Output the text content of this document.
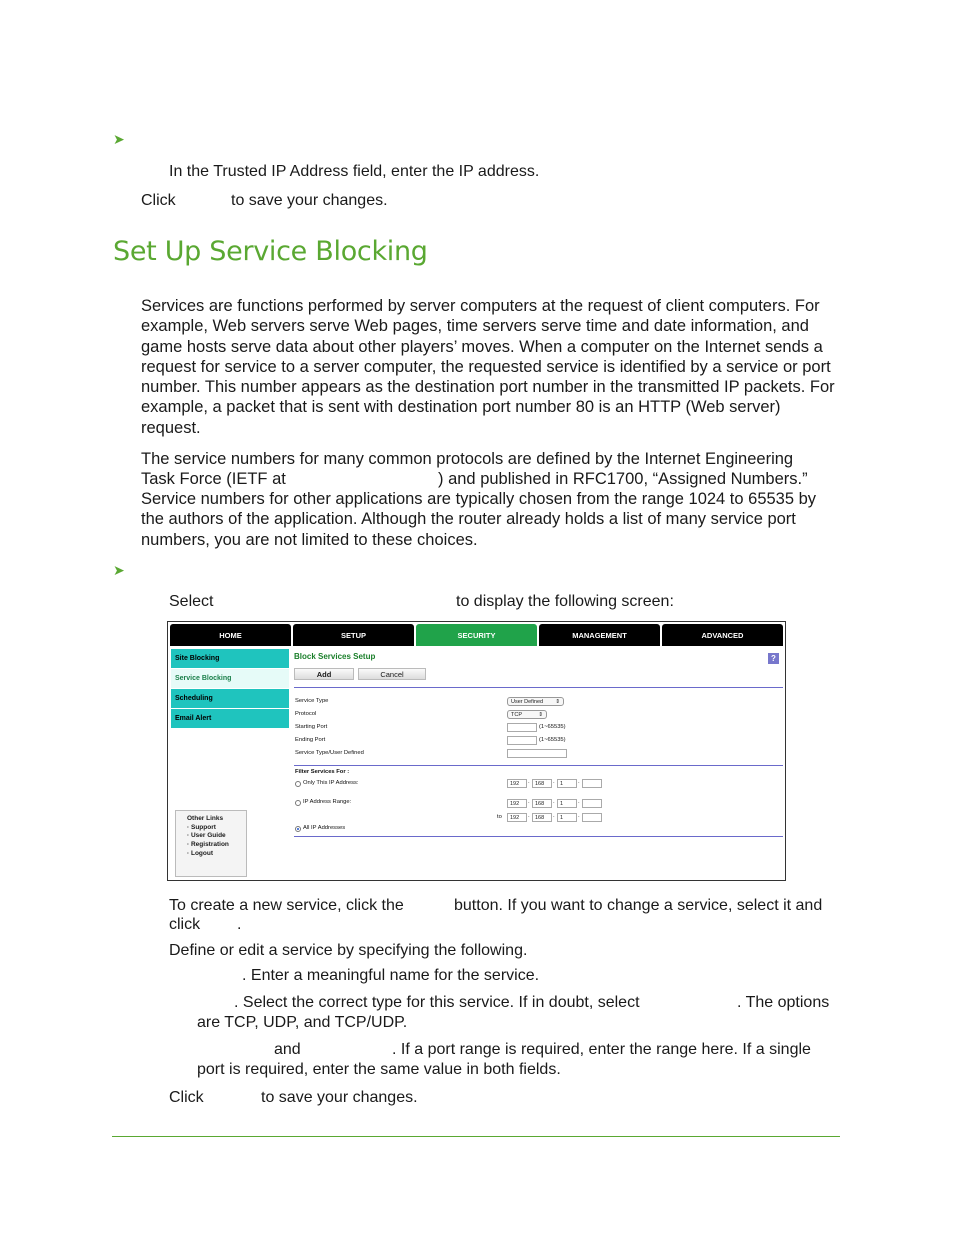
➤
In the Trusted IP Address field, enter the IP address.
Click	to save your changes.
Set Up Service Blocking
Services are functions performed by server computers at the request of client computers. For example, Web servers serve Web pages, time servers serve time and date information, and game hosts serve data about other players’ moves. When a computer on the Internet sends a request for service to a server computer, the requested service is identified by a service or port number. This number appears as the destination port number in the transmitted IP packets. For example, a packet that is sent with destination port number 80 is an HTTP (Web server) request.
The service numbers for many common protocols are defined by the Internet Engineering
Task Force (IETF at	) and published in RFC1700, “Assigned Numbers.”
Service numbers for other applications are typically chosen from the range 1024 to 65535 by the authors of the application. Although the router already holds a list of many service port numbers, you are not limited to these choices.
➤
Select	to display the following screen:
HOME	SETUP	SECURITY	MANAGEMENT	ADVANCED
Site Blocking
Service Blocking
Scheduling
Email Alert
Other Links
· Support
· User Guide
· Registration
· Logout
Block Services Setup	?
Add	Cancel
Service Type	User Defined ⇕
Protocol	TCP	⇕
Starting Port	(1~65535)
Ending Port	(1~65535)
Service Type/User Defined
Filter Services For :
Only This IP Address:	192	. 168	. 1	.
IP Address Range:	192	. 168	. 1	.
to	192	. 168	. 1	.
All IP Addresses
To create a new service, click the	button. If you want to change a service, select it and
click .
Define or edit a service by specifying the following.
. Enter a meaningful name for the service.
. Select the correct type for this service. If in doubt, select	. The options
are TCP, UDP, and TCP/UDP.
and	. If a port range is required, enter the range here. If a single
port is required, enter the same value in both fields.
Click	to save your changes.
